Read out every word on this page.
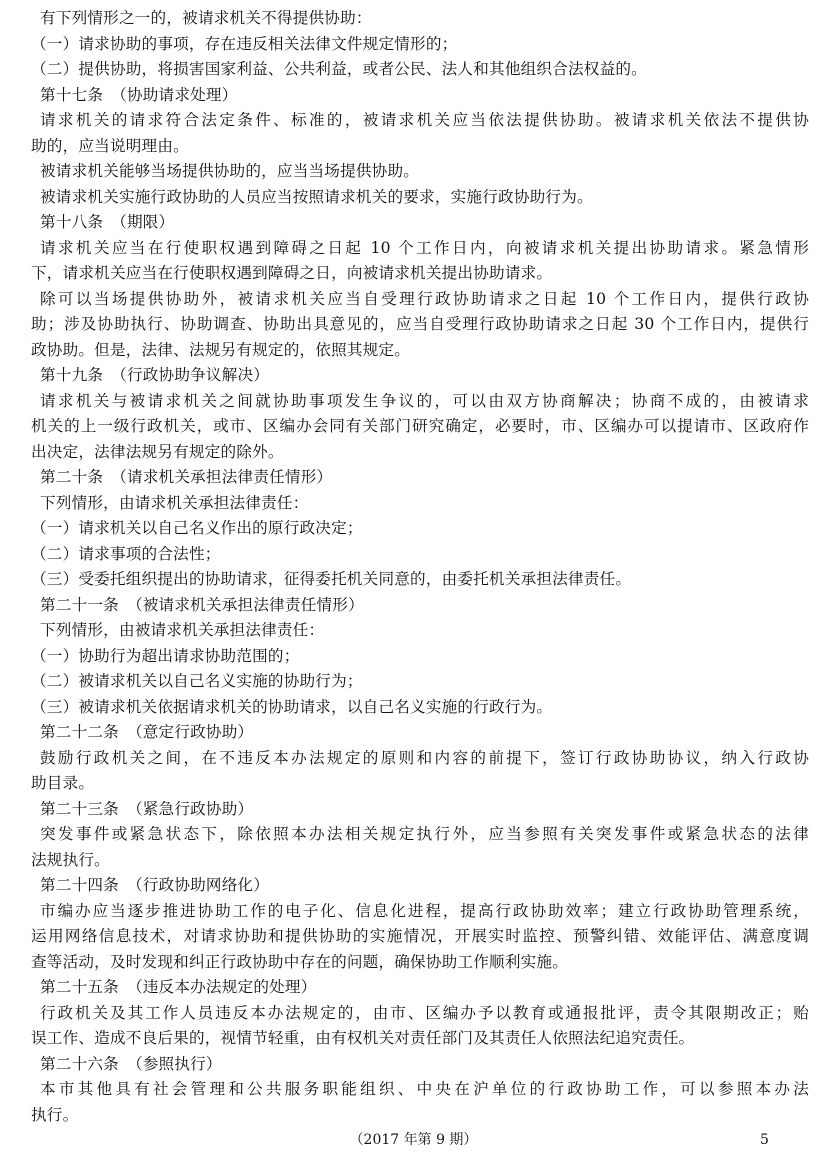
有下列情形之一的，被请求机关不得提供协助：
（一）请求协助的事项，存在违反相关法律文件规定情形的；
（二）提供协助，将损害国家利益、公共利益，或者公民、法人和其他组织合法权益的。
第十七条　（协助请求处理）
请求机关的请求符合法定条件、标准的，被请求机关应当依法提供协助。被请求机关依法不提供协
助的，应当说明理由。
被请求机关能够当场提供协助的，应当当场提供协助。
被请求机关实施行政协助的人员应当按照请求机关的要求，实施行政协助行为。
第十八条　（期限）
请求机关应当在行使职权遇到障碍之日起 10 个工作日内，向被请求机关提出协助请求。紧急情形
下，请求机关应当在行使职权遇到障碍之日，向被请求机关提出协助请求。
除可以当场提供协助外，被请求机关应当自受理行政协助请求之日起 10 个工作日内，提供行政协
助；涉及协助执行、协助调查、协助出具意见的，应当自受理行政协助请求之日起 30 个工作日内，提供行
政协助。但是，法律、法规另有规定的，依照其规定。
第十九条　（行政协助争议解决）
请求机关与被请求机关之间就协助事项发生争议的，可以由双方协商解决；协商不成的，由被请求
机关的上一级行政机关，或市、区编办会同有关部门研究确定，必要时，市、区编办可以提请市、区政府作
出决定，法律法规另有规定的除外。
第二十条　（请求机关承担法律责任情形）
下列情形，由请求机关承担法律责任：
（一）请求机关以自己名义作出的原行政决定；
（二）请求事项的合法性；
（三）受委托组织提出的协助请求，征得委托机关同意的，由委托机关承担法律责任。
第二十一条　（被请求机关承担法律责任情形）
下列情形，由被请求机关承担法律责任：
（一）协助行为超出请求协助范围的；
（二）被请求机关以自己名义实施的协助行为；
（三）被请求机关依据请求机关的协助请求，以自己名义实施的行政行为。
第二十二条　（意定行政协助）
鼓励行政机关之间，在不违反本办法规定的原则和内容的前提下，签订行政协助协议，纳入行政协
助目录。
第二十三条　（紧急行政协助）
突发事件或紧急状态下，除依照本办法相关规定执行外，应当参照有关突发事件或紧急状态的法律
法规执行。
第二十四条　（行政协助网络化）
市编办应当逐步推进协助工作的电子化、信息化进程，提高行政协助效率；建立行政协助管理系统，
运用网络信息技术，对请求协助和提供协助的实施情况，开展实时监控、预警纠错、效能评估、满意度调
查等活动，及时发现和纠正行政协助中存在的问题，确保协助工作顺利实施。
第二十五条　（违反本办法规定的处理）
行政机关及其工作人员违反本办法规定的，由市、区编办予以教育或通报批评，责令其限期改正；贻
误工作、造成不良后果的，视情节轻重，由有权机关对责任部门及其责任人依照法纪追究责任。
第二十六条　（参照执行）
本市其他具有社会管理和公共服务职能组织、中央在沪单位的行政协助工作，可以参照本办法
执行。
（2017 年第 9 期）	5
